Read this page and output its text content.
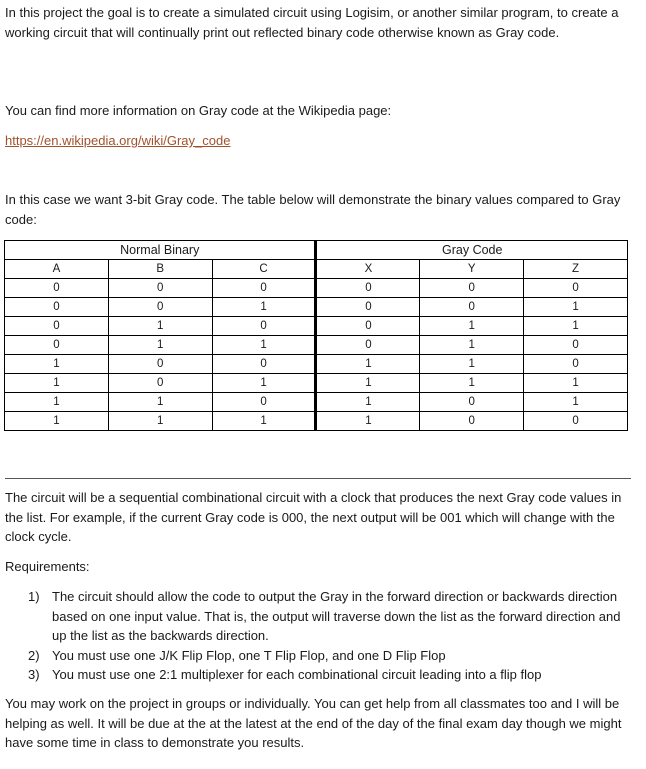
In this project the goal is to create a simulated circuit using Logisim, or another similar program, to create a working circuit that will continually print out reflected binary code otherwise known as Gray code.

You can find more information on Gray code at the Wikipedia page:

https://en.wikipedia.org/wiki/Gray_code

In this case we want 3-bit Gray code. The table below will demonstrate the binary values compared to Gray code:

Normal Binary			Gray Code		
A	B	C	X	Y	Z
0	0	0	0	0	0
0	0	1	0	0	1
0	1	0	0	1	1
0	1	1	0	1	0
1	0	0	1	1	0
1	0	1	1	1	1
1	1	0	1	0	1
1	1	1	1	0	0

The circuit will be a sequential combinational circuit with a clock that produces the next Gray code values in the list. For example, if the current Gray code is 000, the next output will be 001 which will change with the clock cycle.

Requirements:

1) The circuit should allow the code to output the Gray in the forward direction or backwards direction based on one input value. That is, the output will traverse down the list as the forward direction and up the list as the backwards direction.
2) You must use one J/K Flip Flop, one T Flip Flop, and one D Flip Flop
3) You must use one 2:1 multiplexer for each combinational circuit leading into a flip flop

You may work on the project in groups or individually. You can get help from all classmates too and I will be helping as well. It will be due at the at the latest at the end of the day of the final exam day though we might have some time in class to demonstrate you results.
